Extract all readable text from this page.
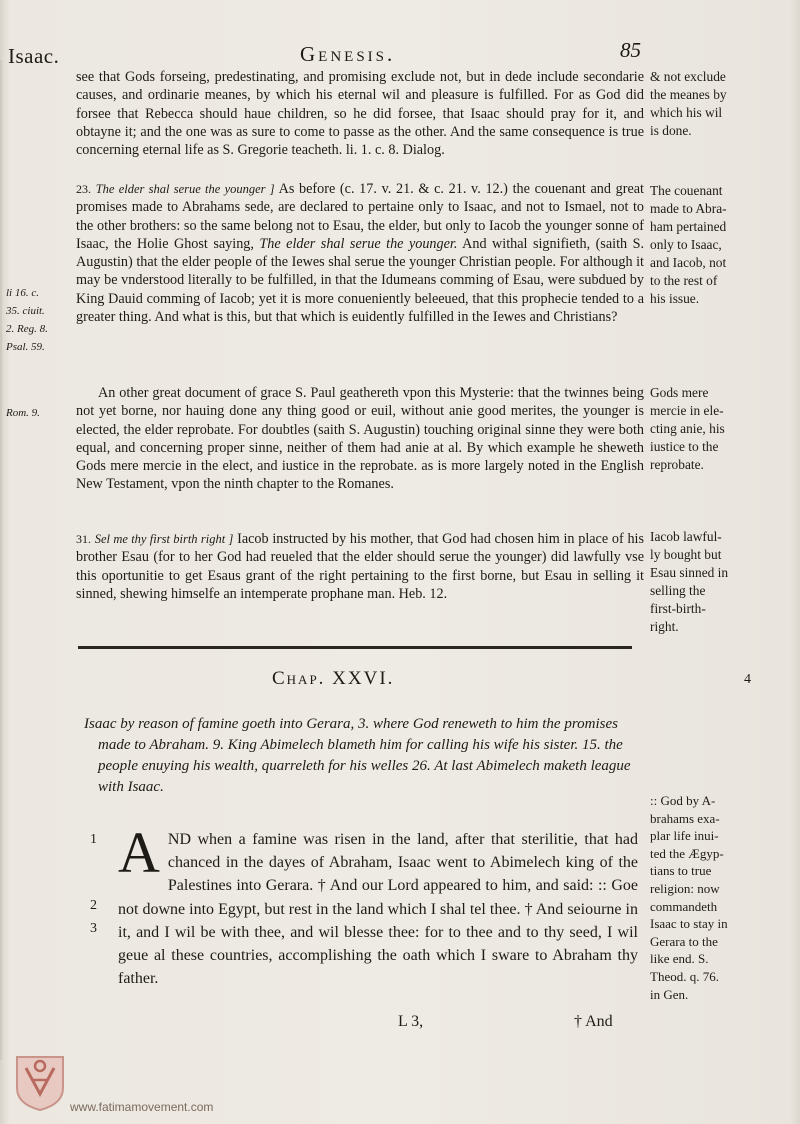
Isaac.	Genesis.	85
see that Gods forseing, predestinating, and promising exclude not, but in dede include secondarie causes, and ordinarie meanes, by which his eternal wil and pleasure is fulfilled. For as God did forsee that Rebecca should haue children, so he did forsee, that Isaac should pray for it, and obtayne it; and the one was as sure to come to passe as the other. And the same consequence is true concerning eternal life as S. Gregorie teacheth. li. 1. c. 8. Dialog.
& not exclude
the meanes by
which his wil
is done.
23. The elder shal serue the younger ] As before (c. 17. v. 21. & c. 21. v. 12.) the couenant and great promises made to Abrahams sede, are declared to pertaine only to Isaac, and not to Ismael, not to the other brothers: so the same belong not to Esau, the elder, but only to Iacob the younger sonne of Isaac, the Holie Ghost saying, The elder shal serue the younger. And withal signifieth, (saith S. Augustin) that the elder people of the Iewes shal serue the younger Christian people. For although it may be vnderstood literally to be fulfilled, in that the Idumeans comming of Esau, were subdued by King Dauid comming of Iacob; yet it is more conueniently beleeued, that this prophecie tended to a greater thing. And what is this, but that which is euidently fulfilled in the Iewes and Christians?
li 16. c.
35. ciuit.
2. Reg. 8.
Psal. 59.
The couenant
made to Abra-
ham pertained
only to Isaac,
and Iacob, not
to the rest of
his issue.
An other great document of grace S. Paul geathereth vpon this Mysterie: that the twinnes being not yet borne, nor hauing done any thing good or euil, without anie good merites, the younger is elected, the elder reprobate. For doubtles (saith S. Augustin) touching original sinne they were both equal, and concerning proper sinne, neither of them had anie at al. By which example he sheweth Gods mere mercie in the elect, and iustice in the reprobate. as is more largely noted in the English New Testament, vpon the ninth chapter to the Romanes.
Rom. 9.
Gods mere
mercie in ele-
cting anie, his
iustice to the
reprobate.
31. Sel me thy first birth right ] Iacob instructed by his mother, that God had chosen him in place of his brother Esau (for to her God had reueled that the elder should serue the younger) did lawfully vse this oportunitie to get Esaus grant of the right pertaining to the first borne, but Esau in selling it sinned, shewing himselfe an intemperate prophane man. Heb. 12.
Iacob lawful-
ly bought but
Esau sinned in
selling the
first-birth-
right.
Chap. XXVI.	4

Isaac by reason of famine goeth into Gerara, 3. where God reneweth to him the promises made to Abraham. 9. King Abimelech blameth him for calling his wife his sister. 15. the people enuying his wealth, quarreleth for his welles 26. At last Abimelech maketh league with Isaac.

1
2
3

AND when a famine was risen in the land, after that sterilitie, that had chanced in the dayes of Abraham, Isaac went to Abimelech king of the Palestines into Gerara. † And our Lord appeared to him, and said: :: Goe not downe into Egypt, but rest in the land which I shal tel thee. † And seiourne in it, and I wil be with thee, and wil blesse thee: for to thee and to thy seed, I wil geue al these countries, accomplishing the oath which I sware to Abraham thy father.

:: God by A-
brahams exa-
plar life inui-
ted the Ægyp-
tians to true
religion: now
commandeth
Isaac to stay in
Gerara to the
like end. S.
Theod. q. 76.
in Gen.
L 3,	† And
www.fatimamovement.com
